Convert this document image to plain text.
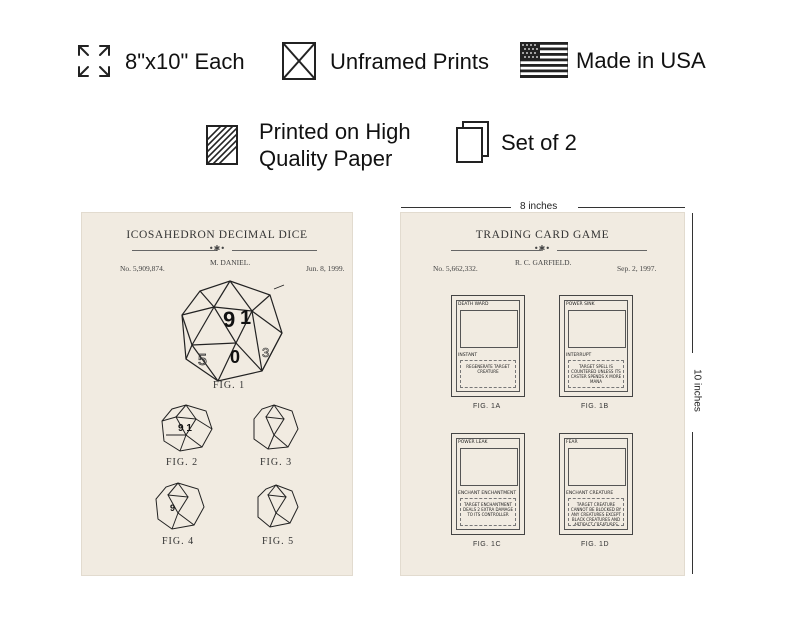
8"x10" Each	Unframed Prints	Made in USA
Printed on High
Quality Paper
Set of 2
ICOSAHEDRON DECIMAL DICE
•✱•
No. 5,909,874.
M. DANIEL.
Jun. 8, 1999.
9 1
0
5	3
FIG. 1
9 1
FIG. 2	FIG. 3
9
FIG. 4	FIG. 5
8 inches
10 inches
TRADING CARD GAME
•✱•
No. 5,662,332.
R. C. GARFIELD.
Sep. 2, 1997.
DEATH WARD
INSTANT
REGENERATE TARGET CREATURE
FIG. 1A
POWER SINK
INTERRUPT
TARGET SPELL IS COUNTERED UNLESS ITS CASTER SPENDS X MORE MANA
FIG. 1B
POWER LEAK
ENCHANT ENCHANTMENT
TARGET ENCHANTMENT DEALS 2 EXTRA DAMAGE TO ITS CONTROLLER
FIG. 1C
FEAR
ENCHANT CREATURE
TARGET CREATURE CANNOT BE BLOCKED BY ANY CREATURES EXCEPT BLACK CREATURES AND ARTIFACT CREATURES
FIG. 1D
